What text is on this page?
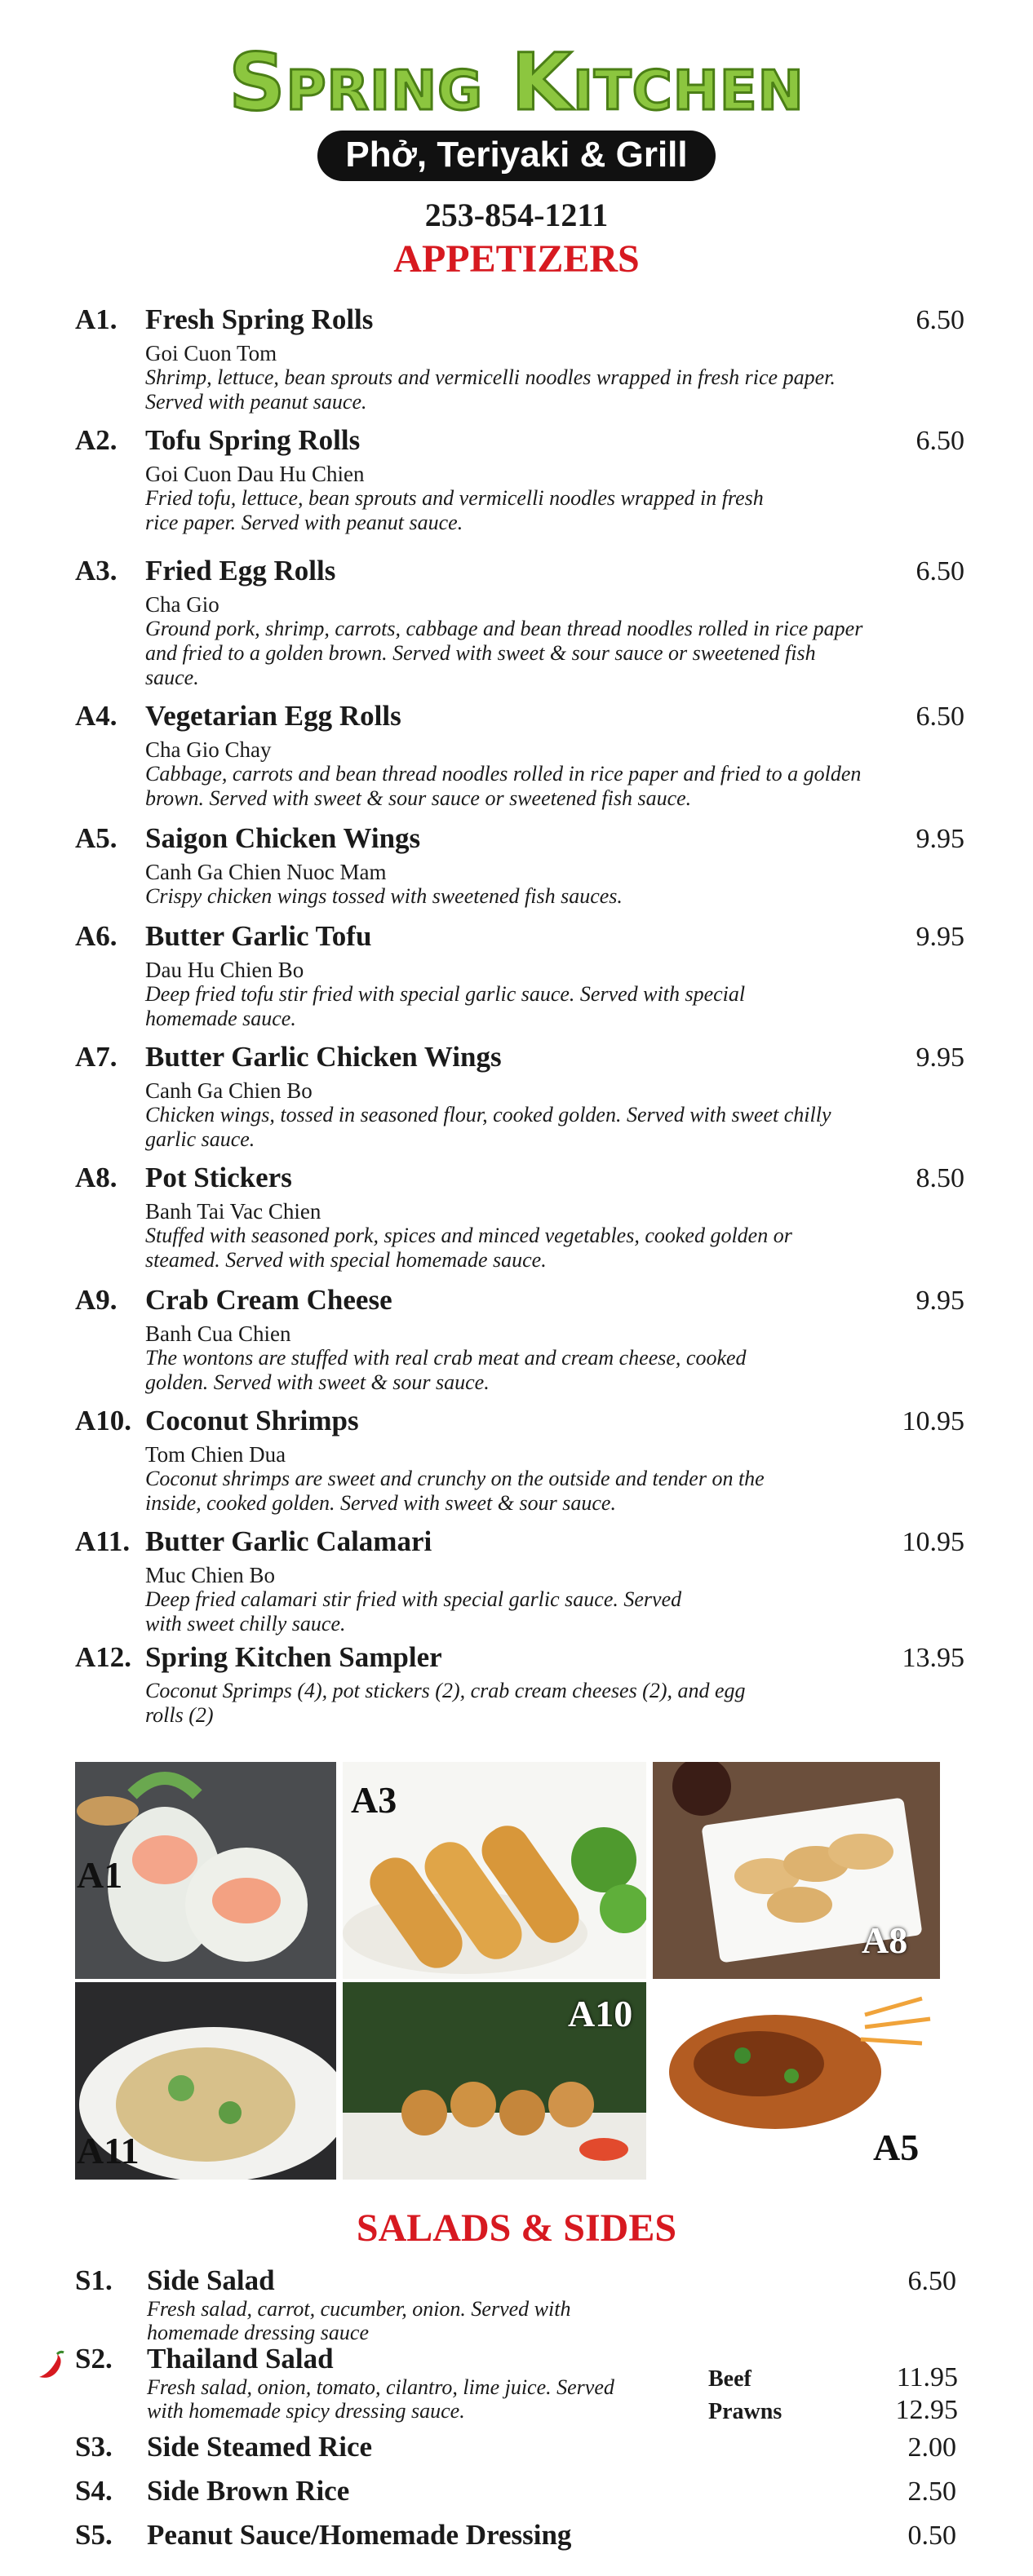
Spring Kitchen
Phở, Teriyaki & Grill
253-854-1211
APPETIZERS
A1. Fresh Spring Rolls	6.50
Goi Cuon Tom
Shrimp, lettuce, bean sprouts and vermicelli noodles wrapped in fresh rice paper. Served with peanut sauce.
A2. Tofu Spring Rolls	6.50
Goi Cuon Dau Hu Chien
Fried tofu, lettuce, bean sprouts and vermicelli noodles wrapped in fresh rice paper. Served with peanut sauce.
A3. Fried Egg Rolls	6.50
Cha Gio
Ground pork, shrimp, carrots, cabbage and bean thread noodles rolled in rice paper and fried to a golden brown. Served with sweet & sour sauce or sweetened fish sauce.
A4. Vegetarian Egg Rolls	6.50
Cha Gio Chay
Cabbage, carrots and bean thread noodles rolled in rice paper and fried to a golden brown. Served with sweet & sour sauce or sweetened fish sauce.
A5. Saigon Chicken Wings	9.95
Canh Ga Chien Nuoc Mam
Crispy chicken wings tossed with sweetened fish sauces.
A6. Butter Garlic Tofu	9.95
Dau Hu Chien Bo
Deep fried tofu stir fried with special garlic sauce. Served with special homemade sauce.
A7. Butter Garlic Chicken Wings	9.95
Canh Ga Chien Bo
Chicken wings, tossed in seasoned flour, cooked golden. Served with sweet chilly garlic sauce.
A8. Pot Stickers	8.50
Banh Tai Vac Chien
Stuffed with seasoned pork, spices and minced vegetables, cooked golden or steamed. Served with special homemade sauce.
A9. Crab Cream Cheese	9.95
Banh Cua Chien
The wontons are stuffed with real crab meat and cream cheese, cooked golden. Served with sweet & sour sauce.
A10. Coconut Shrimps	10.95
Tom Chien Dua
Coconut shrimps are sweet and crunchy on the outside and tender on the inside, cooked golden. Served with sweet & sour sauce.
A11. Butter Garlic Calamari	10.95
Muc Chien Bo
Deep fried calamari stir fried with special garlic sauce. Served with sweet chilly sauce.
A12. Spring Kitchen Sampler	13.95
Coconut Sprimps (4), pot stickers (2), crab cream cheeses (2), and egg rolls (2)
A1
A3
A8
A11
A10
A5
SALADS & SIDES
S1. Side Salad	6.50
Fresh salad, carrot, cucumber, onion. Served with homemade dressing sauce
S2. Thailand Salad
Fresh salad, onion, tomato, cilantro, lime juice. Served with homemade spicy dressing sauce.
Beef	11.95
Prawns	12.95
S3. Side Steamed Rice	2.00
S4. Side Brown Rice	2.50
S5. Peanut Sauce/Homemade Dressing	0.50
